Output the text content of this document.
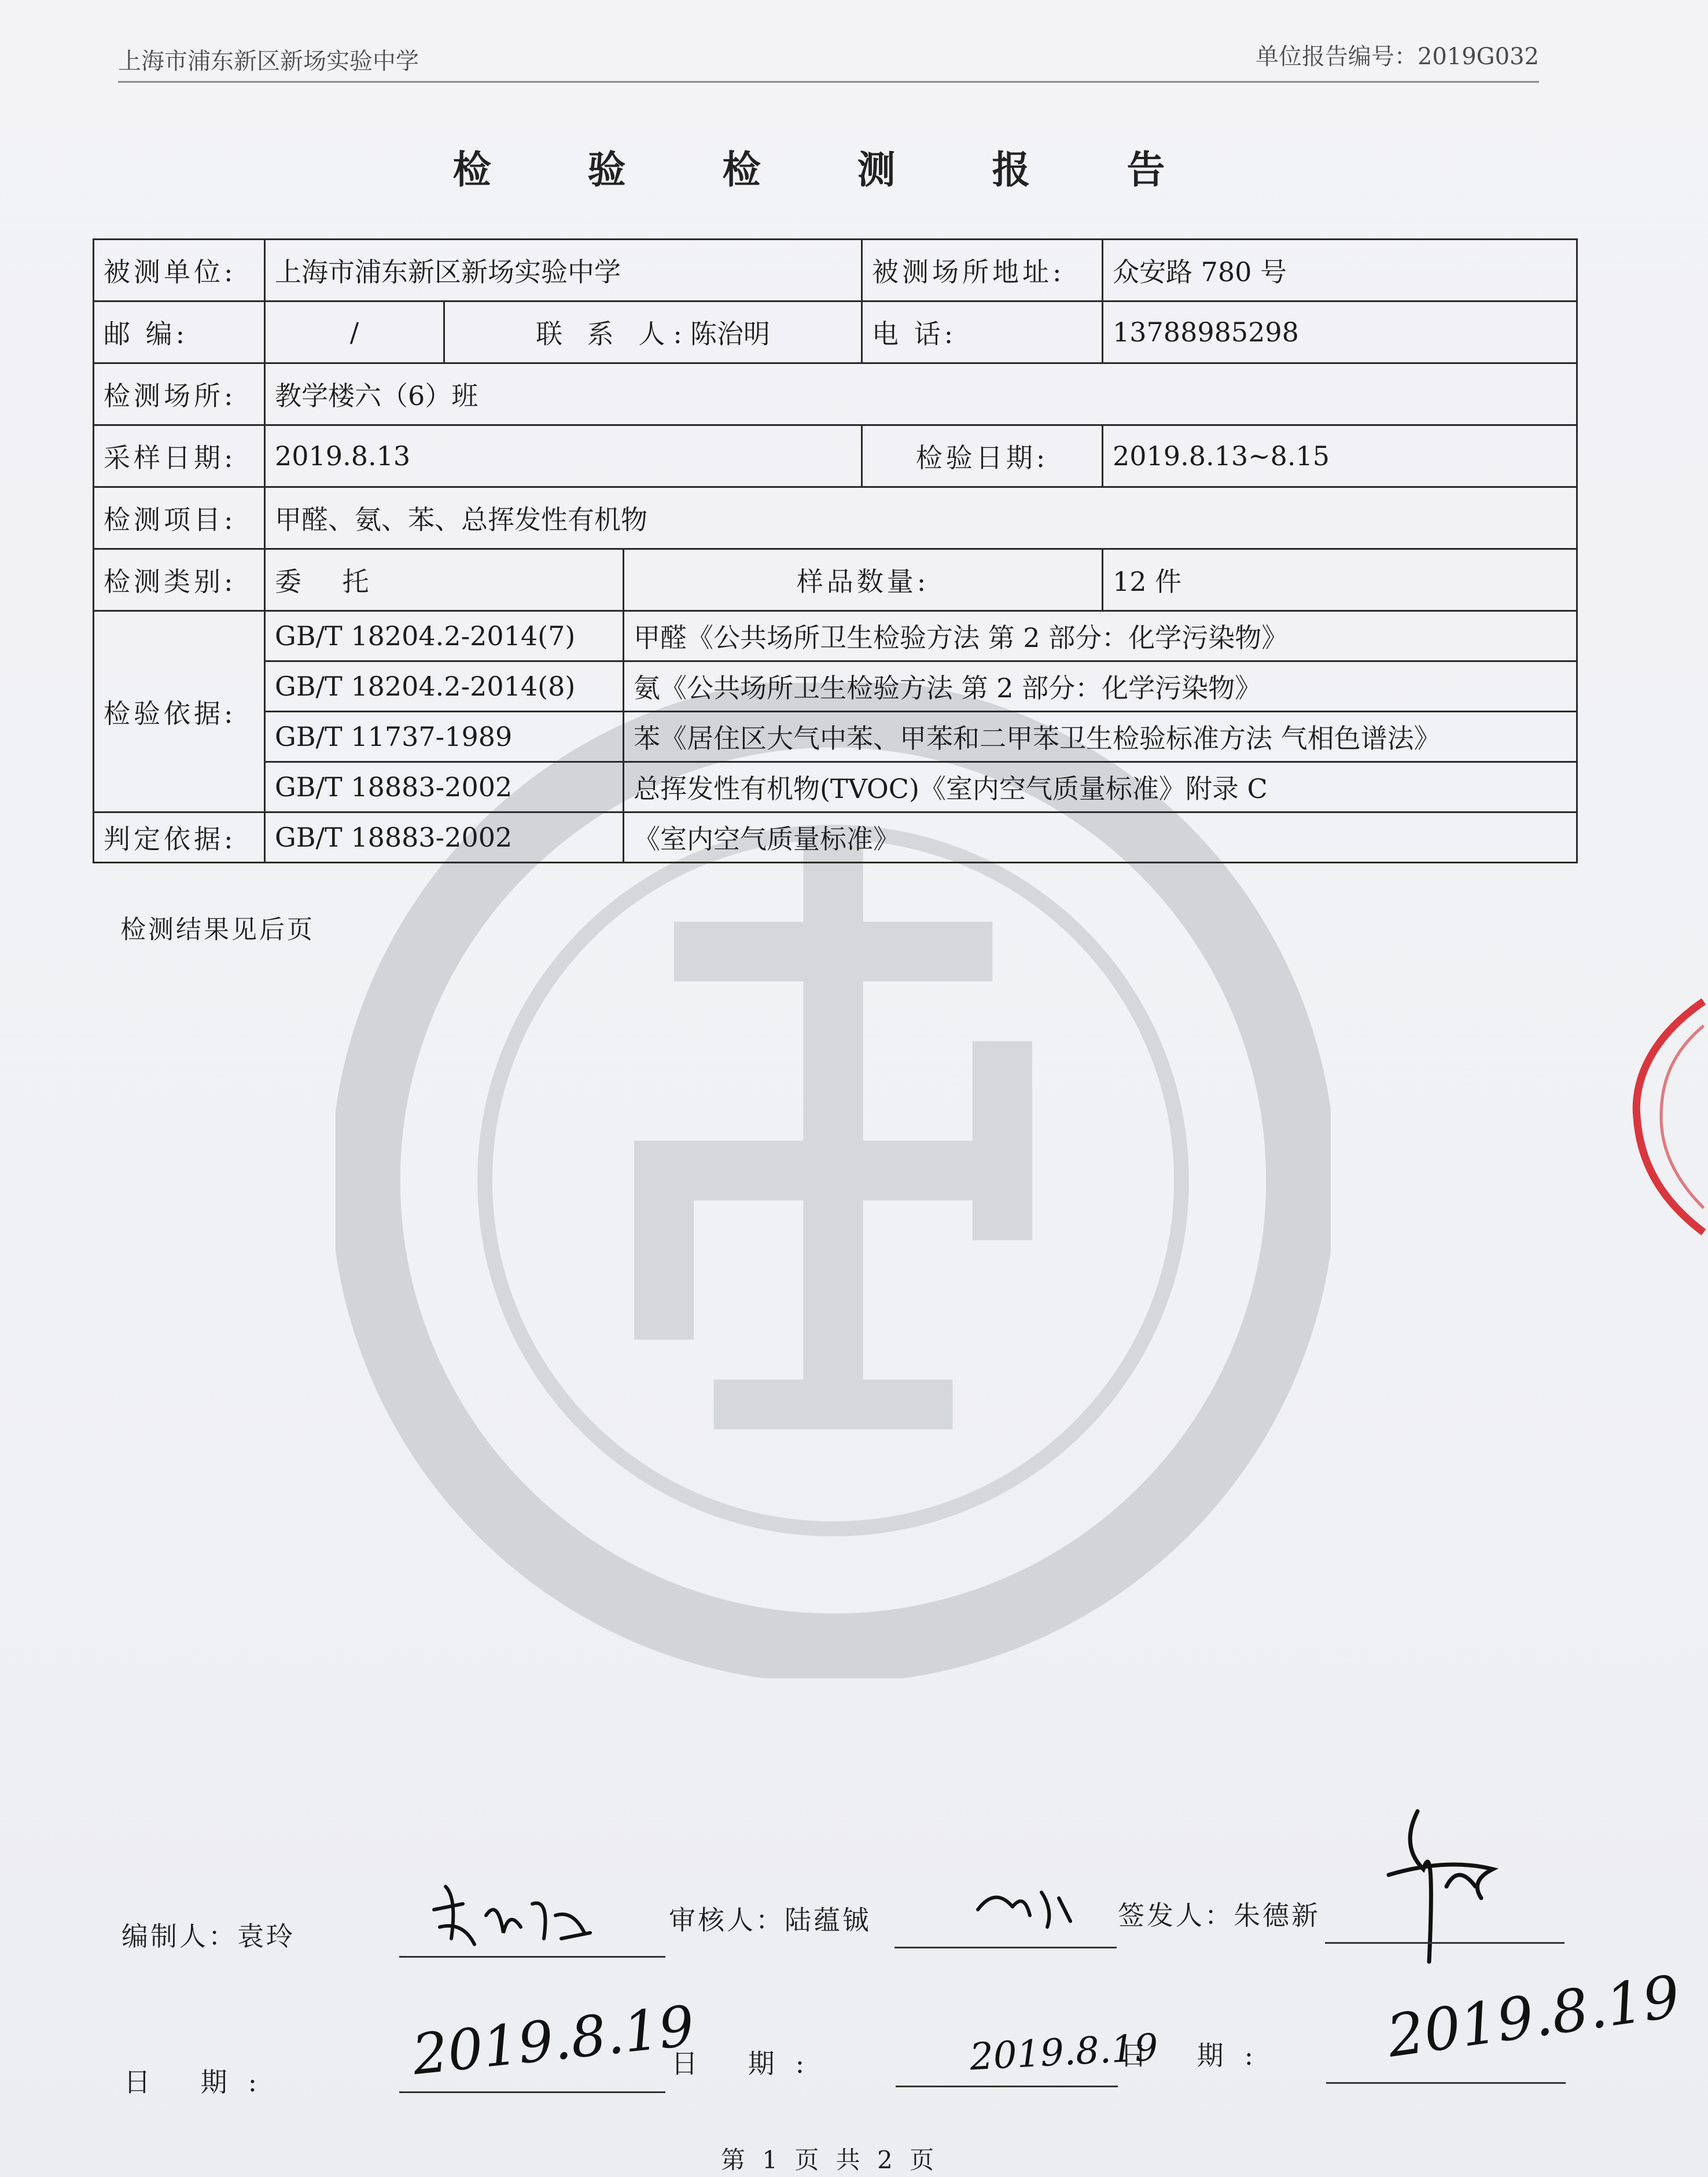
上海市浦东新区新场实验中学	单位报告编号：2019G032
检 验 检 测 报 告
被测单位:	上海市浦东新区新场实验中学			被测场所地址:	众安路 780 号
邮 编:	/	联 系 人:陈治明		电 话:	13788985298
检测场所:	教学楼六（6）班				
采样日期:	2019.8.13			检验日期:	2019.8.13~8.15
检测项目:	甲醛、氨、苯、总挥发性有机物				
检测类别:	委 托		样品数量:		12 件
检验依据:	GB/T 18204.2-2014(7)		甲醛《公共场所卫生检验方法 第 2 部分：化学污染物》		
	GB/T 18204.2-2014(8)		氨《公共场所卫生检验方法 第 2 部分：化学污染物》		
	GB/T 11737-1989		苯《居住区大气中苯、甲苯和二甲苯卫生检验标准方法 气相色谱法》		
	GB/T 18883-2002		总挥发性有机物(TVOC)《室内空气质量标准》附录 C		
判定依据:	GB/T 18883-2002		《室内空气质量标准》		
检测结果见后页
编制人：袁玲
审核人：陆蕴铖	签发人：朱德新
日 期: 2019.8.19
日 期:	2019.8.19
日 期: 2019.8.19
第 1 页 共 2 页
